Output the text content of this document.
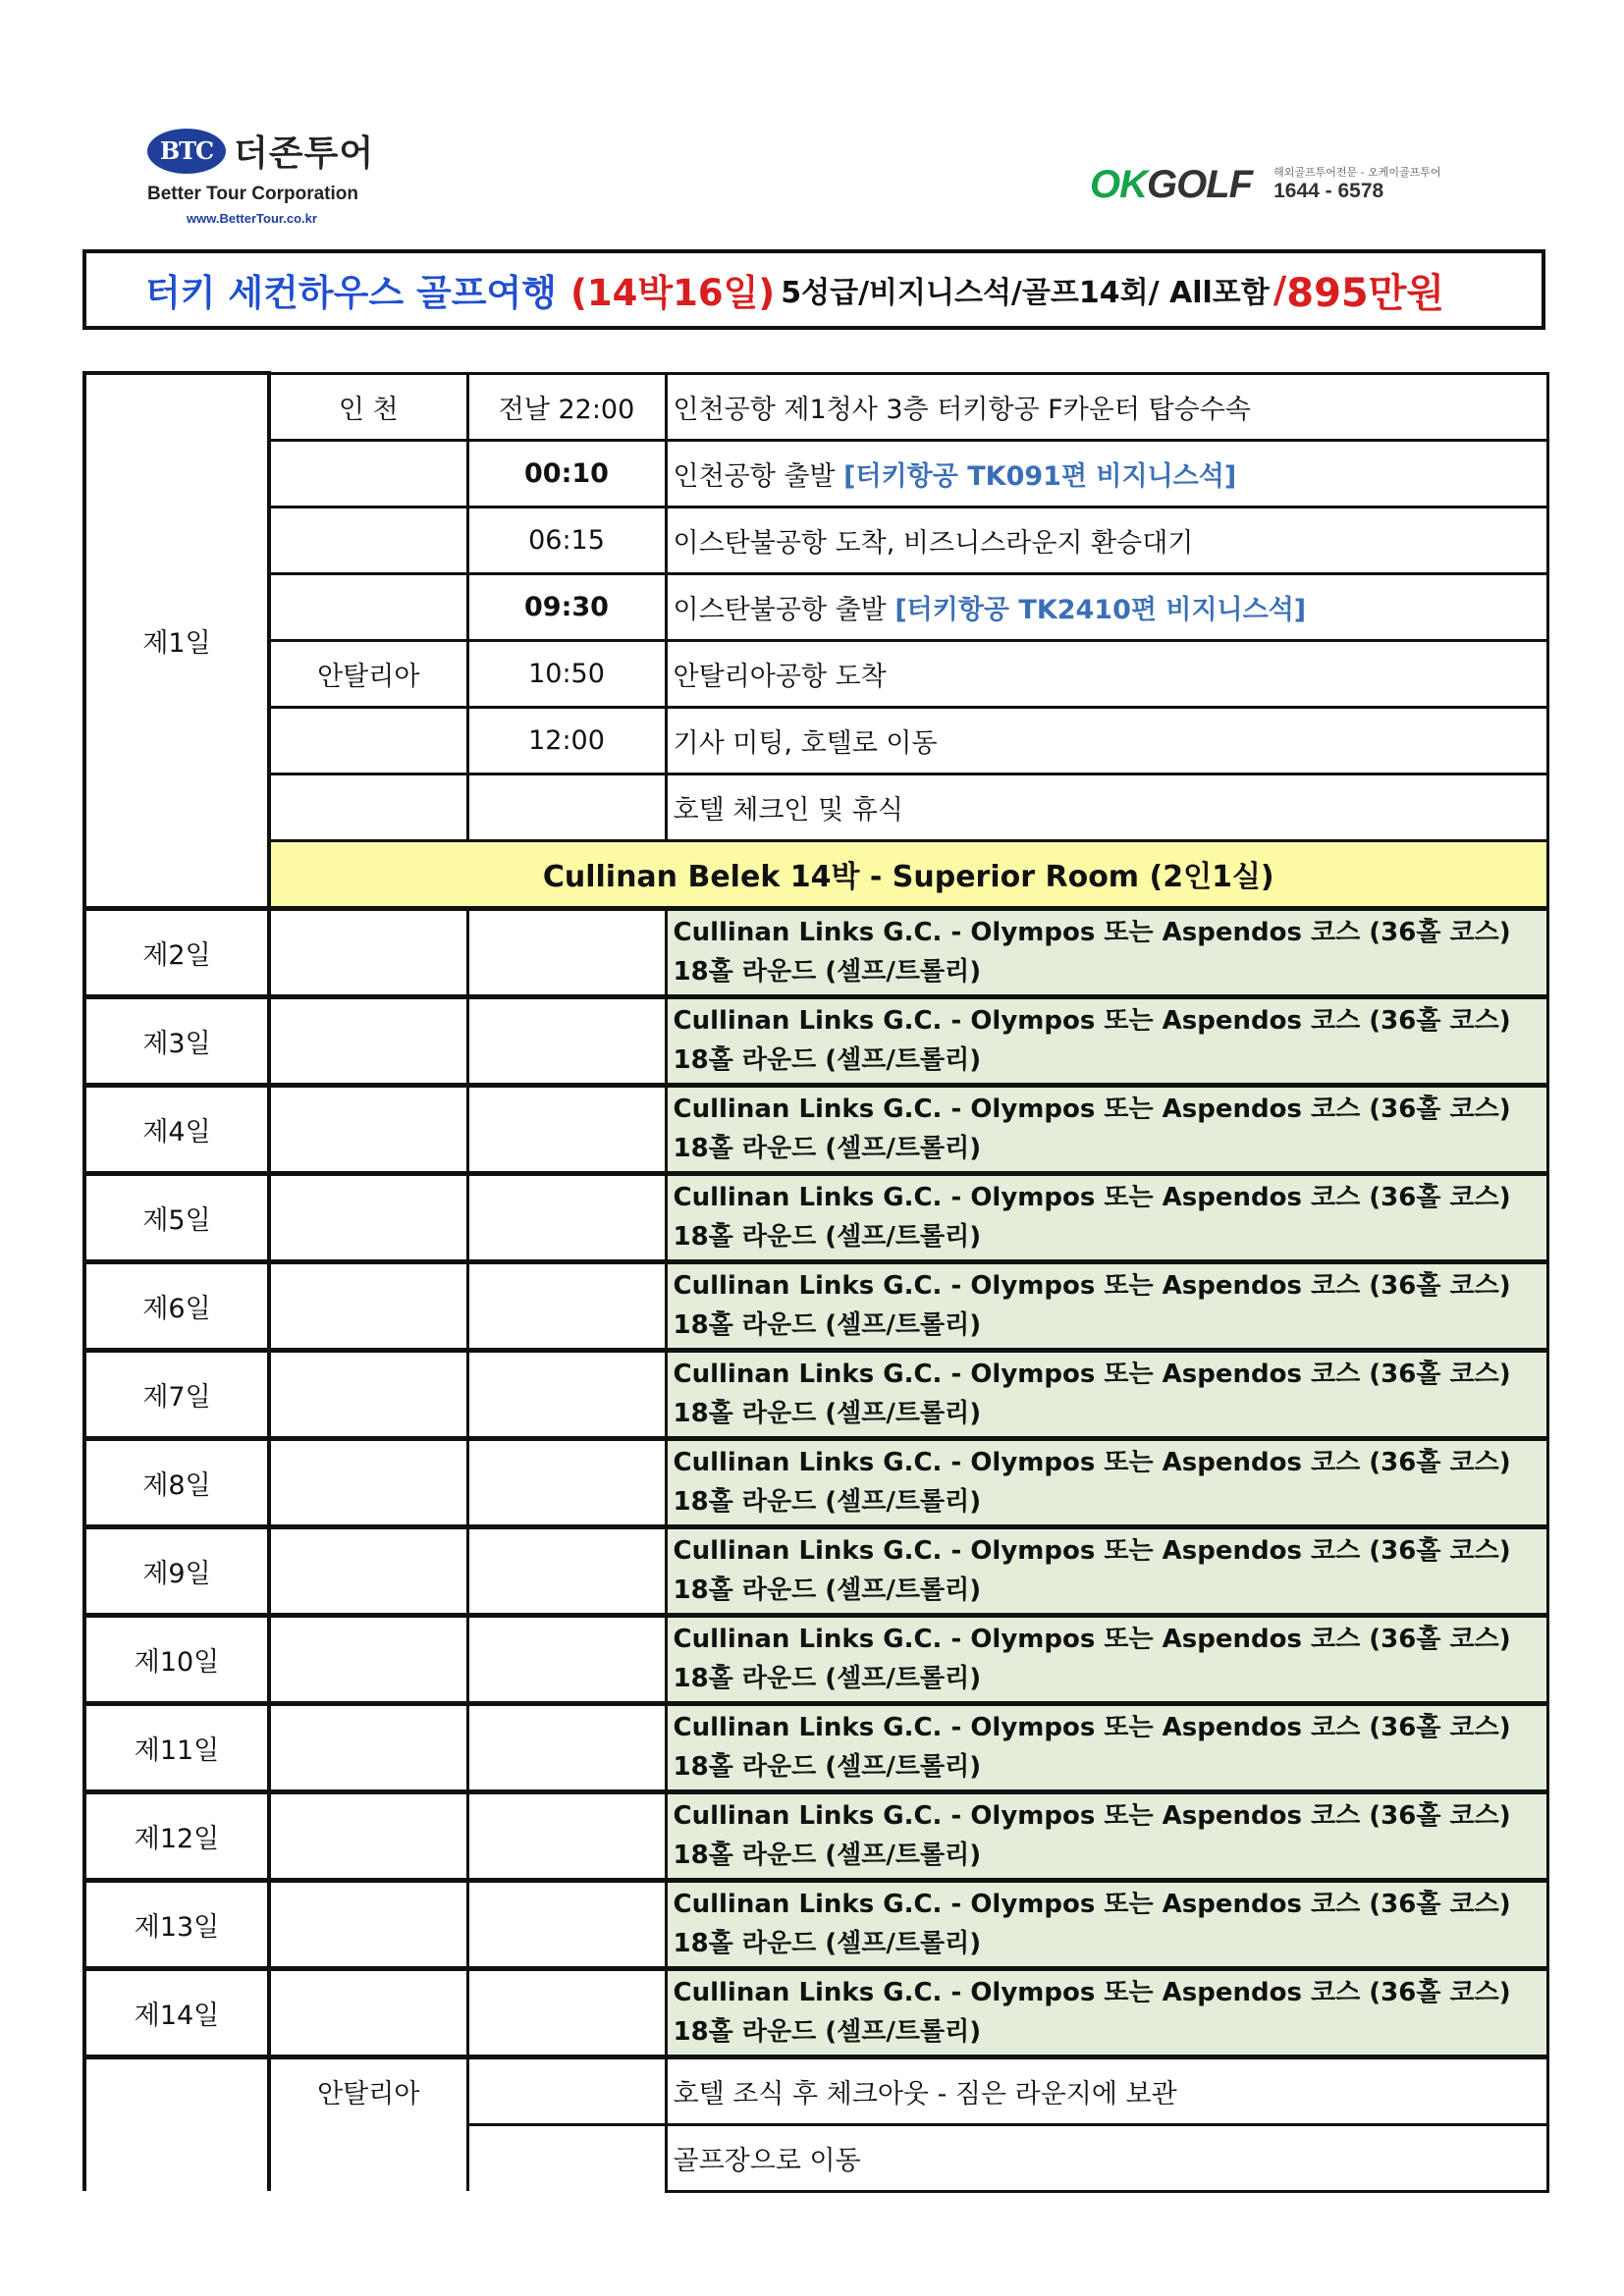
BTC 더존투어
Better Tour Corporation
www.BetterTour.co.kr
OKGOLF 해외골프투어전문 - 오케이골프투어
1644 - 6578
터키 세컨하우스 골프여행 (14박16일) 5성급/비지니스석/골프14회/ All포함 / 895만원
제1일	인 천	전날 22:00	인천공항 제1청사 3층 터키항공 F카운터 탑승수속
		00:10	인천공항 출발 [터키항공 TK091편 비지니스석]
		06:15	이스탄불공항 도착, 비즈니스라운지 환승대기
		09:30	이스탄불공항 출발 [터키항공 TK2410편 비지니스석]
	안탈리아	10:50	안탈리아공항 도착
		12:00	기사 미팅, 호텔로 이동
			호텔 체크인 및 휴식
	Cullinan Belek 14박 - Superior Room (2인1실)		
제2일			Cullinan Links G.C. - Olympos 또는 Aspendos 코스 (36홀 코스)
18홀 라운드 (셀프/트롤리)

제3일			Cullinan Links G.C. - Olympos 또는 Aspendos 코스 (36홀 코스)
18홀 라운드 (셀프/트롤리)

제4일			Cullinan Links G.C. - Olympos 또는 Aspendos 코스 (36홀 코스)
18홀 라운드 (셀프/트롤리)

제5일			Cullinan Links G.C. - Olympos 또는 Aspendos 코스 (36홀 코스)
18홀 라운드 (셀프/트롤리)

제6일			Cullinan Links G.C. - Olympos 또는 Aspendos 코스 (36홀 코스)
18홀 라운드 (셀프/트롤리)

제7일			Cullinan Links G.C. - Olympos 또는 Aspendos 코스 (36홀 코스)
18홀 라운드 (셀프/트롤리)

제8일			Cullinan Links G.C. - Olympos 또는 Aspendos 코스 (36홀 코스)
18홀 라운드 (셀프/트롤리)

제9일			Cullinan Links G.C. - Olympos 또는 Aspendos 코스 (36홀 코스)
18홀 라운드 (셀프/트롤리)

제10일			Cullinan Links G.C. - Olympos 또는 Aspendos 코스 (36홀 코스)
18홀 라운드 (셀프/트롤리)

제11일			Cullinan Links G.C. - Olympos 또는 Aspendos 코스 (36홀 코스)
18홀 라운드 (셀프/트롤리)

제12일			Cullinan Links G.C. - Olympos 또는 Aspendos 코스 (36홀 코스)
18홀 라운드 (셀프/트롤리)

제13일			Cullinan Links G.C. - Olympos 또는 Aspendos 코스 (36홀 코스)
18홀 라운드 (셀프/트롤리)

제14일			Cullinan Links G.C. - Olympos 또는 Aspendos 코스 (36홀 코스)
18홀 라운드 (셀프/트롤리)

	안탈리아		호텔 조식 후 체크아웃 - 짐은 라운지에 보관
			골프장으로 이동
